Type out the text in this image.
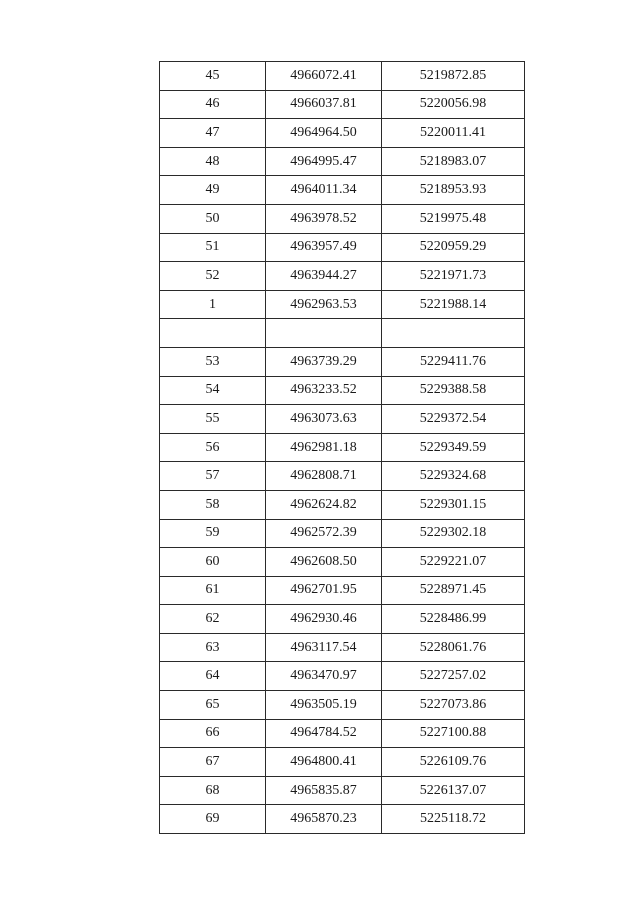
45	4966072.41	5219872.85
46	4966037.81	5220056.98
47	4964964.50	5220011.41
48	4964995.47	5218983.07
49	4964011.34	5218953.93
50	4963978.52	5219975.48
51	4963957.49	5220959.29
52	4963944.27	5221971.73
1	4962963.53	5221988.14

53	4963739.29	5229411.76
54	4963233.52	5229388.58
55	4963073.63	5229372.54
56	4962981.18	5229349.59
57	4962808.71	5229324.68
58	4962624.82	5229301.15
59	4962572.39	5229302.18
60	4962608.50	5229221.07
61	4962701.95	5228971.45
62	4962930.46	5228486.99
63	4963117.54	5228061.76
64	4963470.97	5227257.02
65	4963505.19	5227073.86
66	4964784.52	5227100.88
67	4964800.41	5226109.76
68	4965835.87	5226137.07
69	4965870.23	5225118.72
